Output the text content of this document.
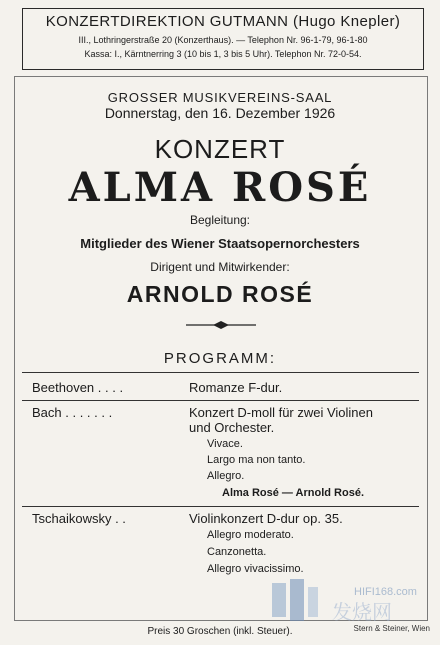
KONZERTDIREKTION GUTMANN (Hugo Knepler)
III., Lothringerstraße 20 (Konzerthaus). — Telephon Nr. 96-1-79, 96-1-80
Kassa: I., Kärntnerring 3 (10 bis 1, 3 bis 5 Uhr). Telephon Nr. 72-0-54.
GROSSER MUSIKVEREINS-SAAL
Donnerstag, den 16. Dezember 1926
KONZERT
ALMA ROSÉ
Begleitung:
Mitglieder des Wiener Staatsopernorchesters
Dirigent und Mitwirkender:
ARNOLD ROSÉ
PROGRAMM:
Beethoven . . . .	Romanze F-dur.
Bach . . . . . . .	Konzert D-moll für zwei Violinen
und Orchester.
Vivace.
Largo ma non tanto.
Allegro.
Alma Rosé — Arnold Rosé.
Tschaikowsky . .	Violinkonzert D-dur op. 35.
Allegro moderato.
Canzonetta.
Allegro vivacissimo.
Preis 30 Groschen (inkl. Steuer).	Stern & Steiner, Wien
HIFI168.com
发烧网
